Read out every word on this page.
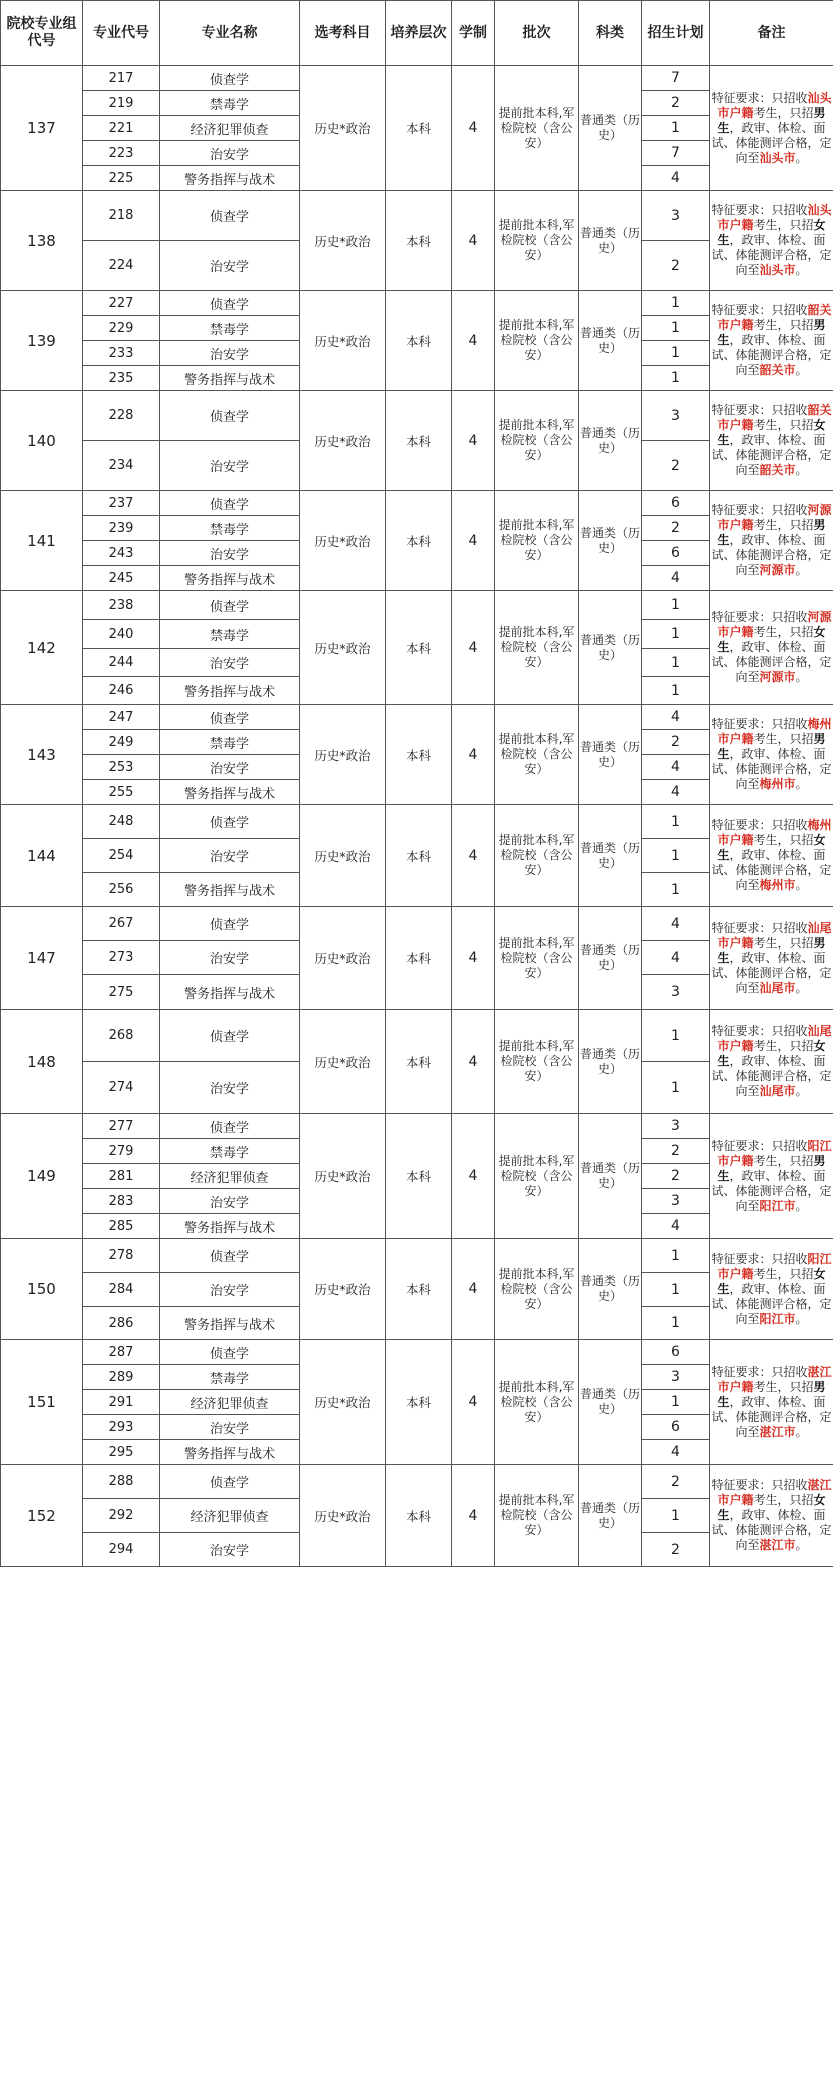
院校专业组代号	专业代号	专业名称	选考科目	培养层次	学制	批次	科类	招生计划	备注
137	217	侦查学	历史*政治	本科	4	提前批本科,军检院校（含公安）	普通类（历史）	7	特征要求：只招收汕头市户籍考生，只招男生，政审、体检、面试、体能测评合格，定向至汕头市。
	219	禁毒学						2	
	221	经济犯罪侦查						1	
	223	治安学						7	
	225	警务指挥与战术						4	
138	218	侦查学	历史*政治	本科	4	提前批本科,军检院校（含公安）	普通类（历史）	3	特征要求：只招收汕头市户籍考生，只招女生，政审、体检、面试、体能测评合格，定向至汕头市。
	224	治安学						2	
139	227	侦查学	历史*政治	本科	4	提前批本科,军检院校（含公安）	普通类（历史）	1	特征要求：只招收韶关市户籍考生，只招男生，政审、体检、面试、体能测评合格，定向至韶关市。
	229	禁毒学						1	
	233	治安学						1	
	235	警务指挥与战术						1	
140	228	侦查学	历史*政治	本科	4	提前批本科,军检院校（含公安）	普通类（历史）	3	特征要求：只招收韶关市户籍考生，只招女生，政审、体检、面试、体能测评合格，定向至韶关市。
	234	治安学						2	
141	237	侦查学	历史*政治	本科	4	提前批本科,军检院校（含公安）	普通类（历史）	6	特征要求：只招收河源市户籍考生，只招男生，政审、体检、面试、体能测评合格，定向至河源市。
	239	禁毒学						2	
	243	治安学						6	
	245	警务指挥与战术						4	
142	238	侦查学	历史*政治	本科	4	提前批本科,军检院校（含公安）	普通类（历史）	1	特征要求：只招收河源市户籍考生，只招女生，政审、体检、面试、体能测评合格，定向至河源市。
	240	禁毒学						1	
	244	治安学						1	
	246	警务指挥与战术						1	
143	247	侦查学	历史*政治	本科	4	提前批本科,军检院校（含公安）	普通类（历史）	4	特征要求：只招收梅州市户籍考生，只招男生，政审、体检、面试、体能测评合格，定向至梅州市。
	249	禁毒学						2	
	253	治安学						4	
	255	警务指挥与战术						4	
144	248	侦查学	历史*政治	本科	4	提前批本科,军检院校（含公安）	普通类（历史）	1	特征要求：只招收梅州市户籍考生，只招女生，政审、体检、面试、体能测评合格，定向至梅州市。
	254	治安学						1	
	256	警务指挥与战术						1	
147	267	侦查学	历史*政治	本科	4	提前批本科,军检院校（含公安）	普通类（历史）	4	特征要求：只招收汕尾市户籍考生，只招男生，政审、体检、面试、体能测评合格，定向至汕尾市。
	273	治安学						4	
	275	警务指挥与战术						3	
148	268	侦查学	历史*政治	本科	4	提前批本科,军检院校（含公安）	普通类（历史）	1	特征要求：只招收汕尾市户籍考生，只招女生，政审、体检、面试、体能测评合格，定向至汕尾市。
	274	治安学						1	
149	277	侦查学	历史*政治	本科	4	提前批本科,军检院校（含公安）	普通类（历史）	3	特征要求：只招收阳江市户籍考生，只招男生，政审、体检、面试、体能测评合格，定向至阳江市。
	279	禁毒学						2	
	281	经济犯罪侦查						2	
	283	治安学						3	
	285	警务指挥与战术						4	
150	278	侦查学	历史*政治	本科	4	提前批本科,军检院校（含公安）	普通类（历史）	1	特征要求：只招收阳江市户籍考生，只招女生，政审、体检、面试、体能测评合格，定向至阳江市。
	284	治安学						1	
	286	警务指挥与战术						1	
151	287	侦查学	历史*政治	本科	4	提前批本科,军检院校（含公安）	普通类（历史）	6	特征要求：只招收湛江市户籍考生，只招男生，政审、体检、面试、体能测评合格，定向至湛江市。
	289	禁毒学						3	
	291	经济犯罪侦查						1	
	293	治安学						6	
	295	警务指挥与战术						4	
152	288	侦查学	历史*政治	本科	4	提前批本科,军检院校（含公安）	普通类（历史）	2	特征要求：只招收湛江市户籍考生，只招女生，政审、体检、面试、体能测评合格，定向至湛江市。
	292	经济犯罪侦查						1	
	294	治安学						2	
